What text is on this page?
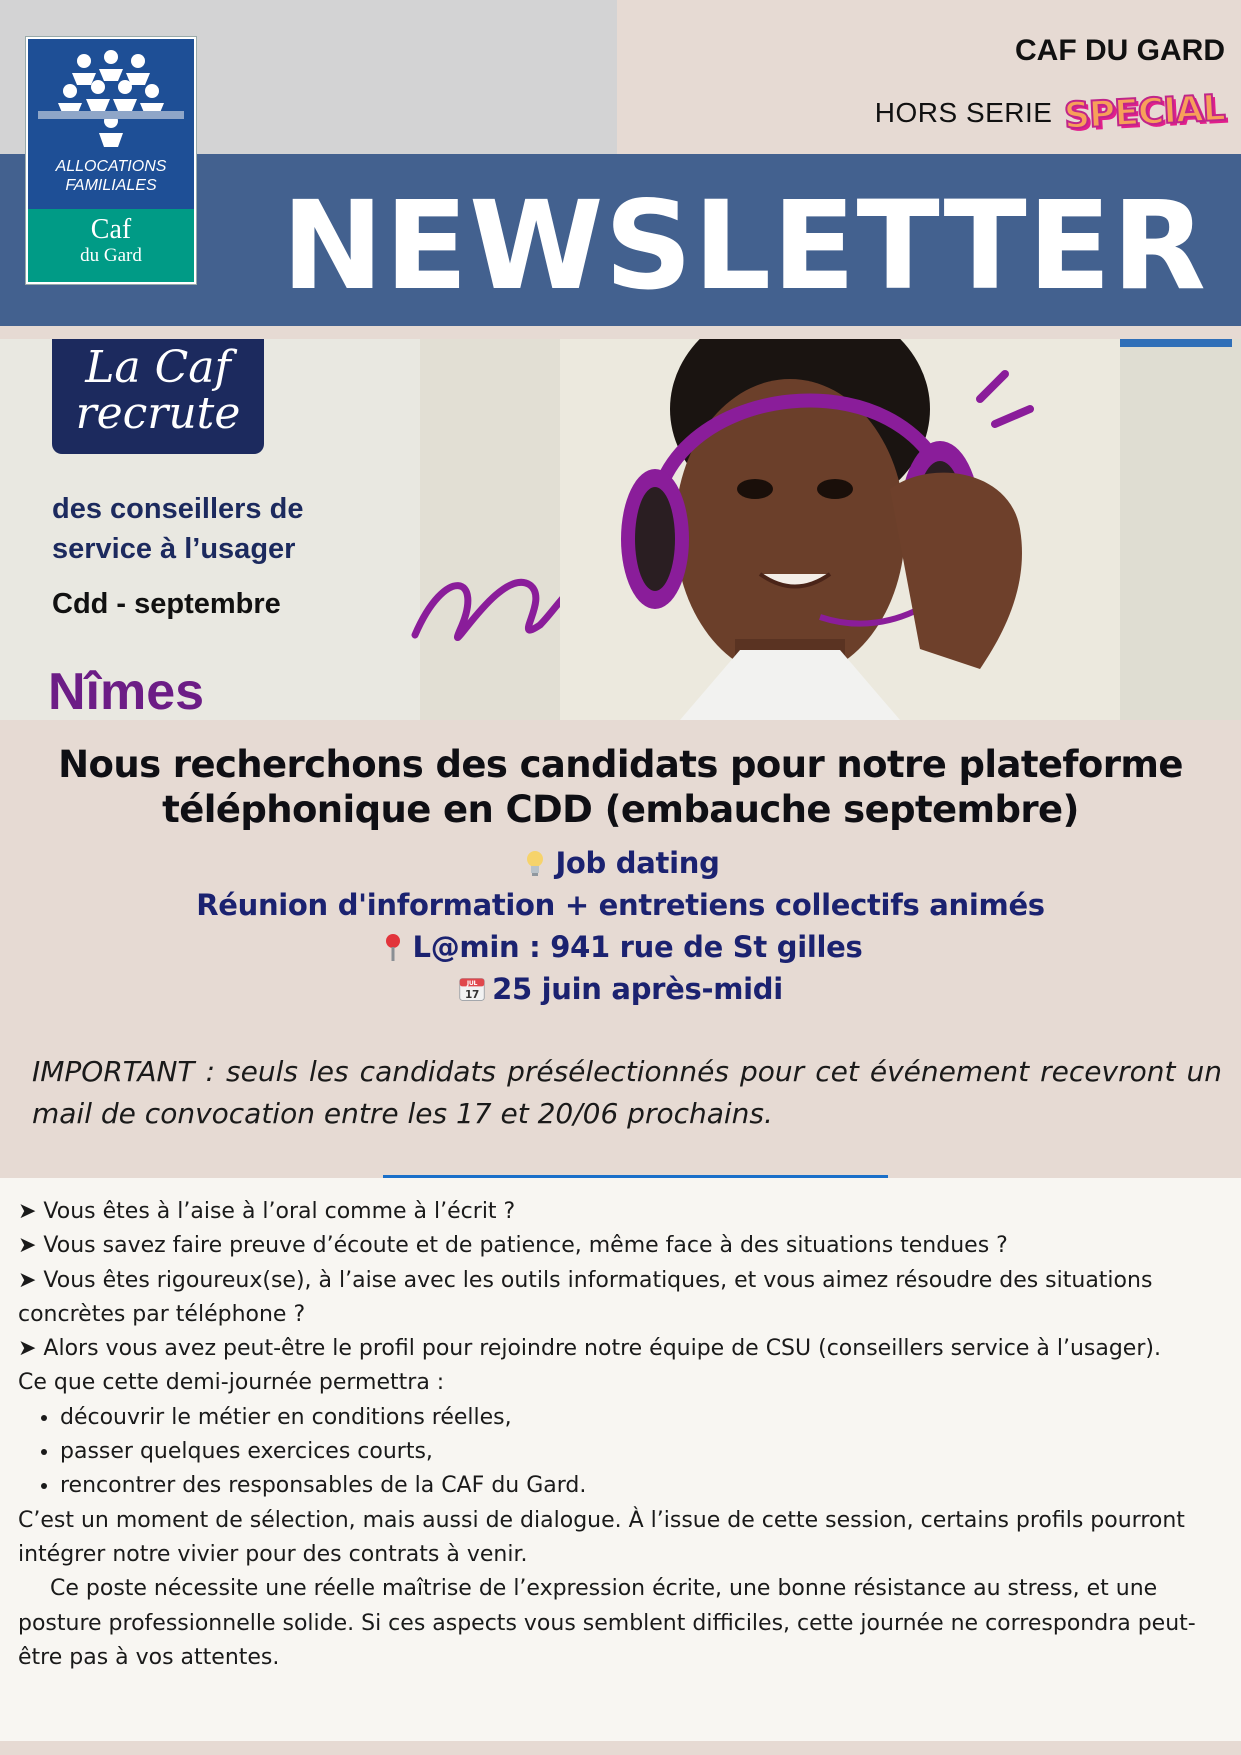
CAF DU GARD
HORS SERIE SPECIAL
NEWSLETTER
ALLOCATIONS
FAMILIALES
Caf
du Gard
La Caf
recrute
des conseillers de service à l’usager
Cdd - septembre
Nîmes
Nous recherchons des candidats pour notre plateforme téléphonique en CDD (embauche septembre)
Job dating
Réunion d'information + entretiens collectifs animés
L@min : 941 rue de St gilles
JUL
17 25 juin après-midi
IMPORTANT : seuls les candidats présélectionnés pour cet événement recevront un mail de convocation entre les 17 et 20/06 prochains.

➤ Vous êtes à l’aise à l’oral comme à l’écrit ?

➤ Vous savez faire preuve d’écoute et de patience, même face à des situations tendues ?

➤ Vous êtes rigoureux(se), à l’aise avec les outils informatiques, et vous aimez résoudre des situations concrètes par téléphone ?

➤ Alors vous avez peut-être le profil pour rejoindre notre équipe de CSU (conseillers service à l’usager).

Ce que cette demi-journée permettra :

• découvrir le métier en conditions réelles,
• passer quelques exercices courts,
• rencontrer des responsables de la CAF du Gard.

C’est un moment de sélection, mais aussi de dialogue. À l’issue de cette session, certains profils pourront intégrer notre vivier pour des contrats à venir.

Ce poste nécessite une réelle maîtrise de l’expression écrite, une bonne résistance au stress, et une posture professionnelle solide. Si ces aspects vous semblent difficiles, cette journée ne correspondra peut-être pas à vos attentes.
